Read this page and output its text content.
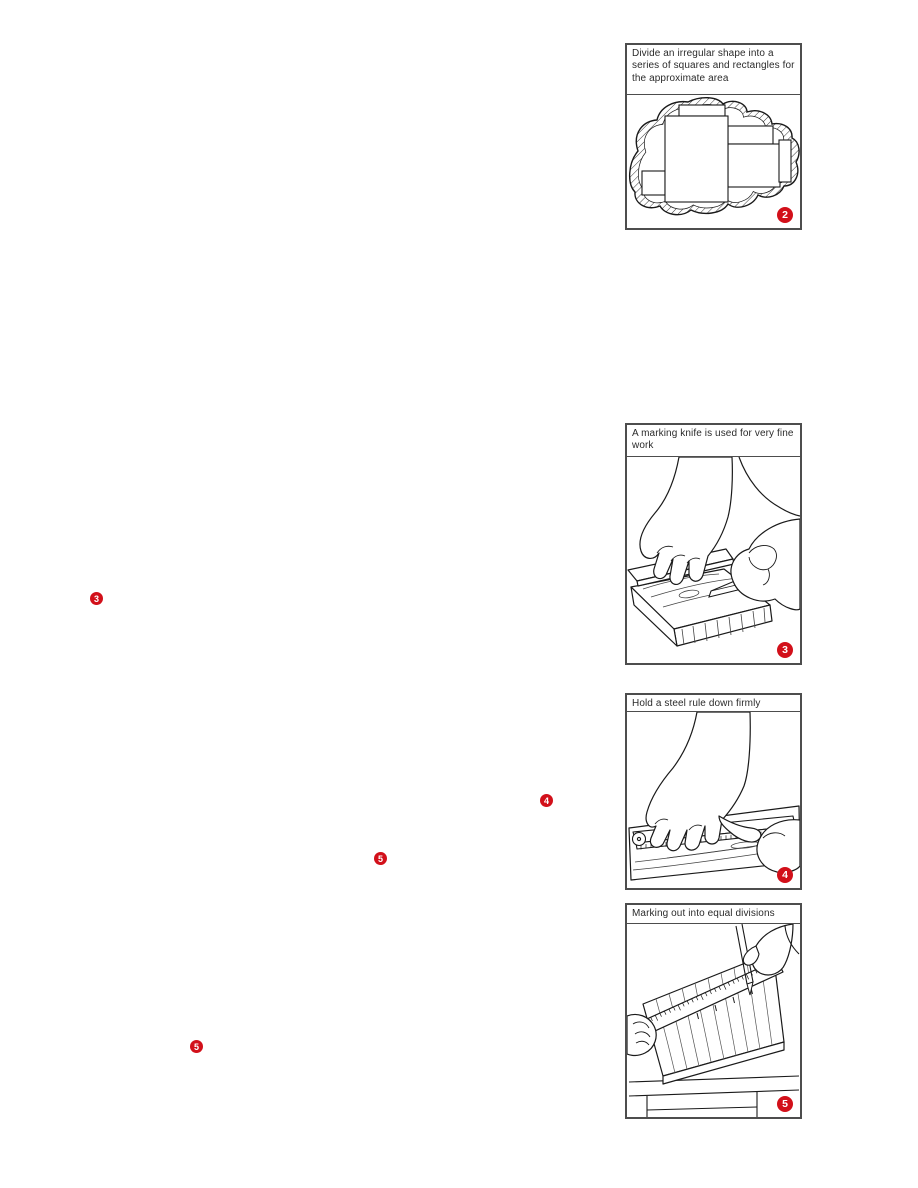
3
4
5
5
Divide an irregular shape into a series of squares and rectangles for the approximate area
2
A marking knife is used for very fine work
3
Hold a steel rule down firmly
4
Marking out into equal divisions
5
